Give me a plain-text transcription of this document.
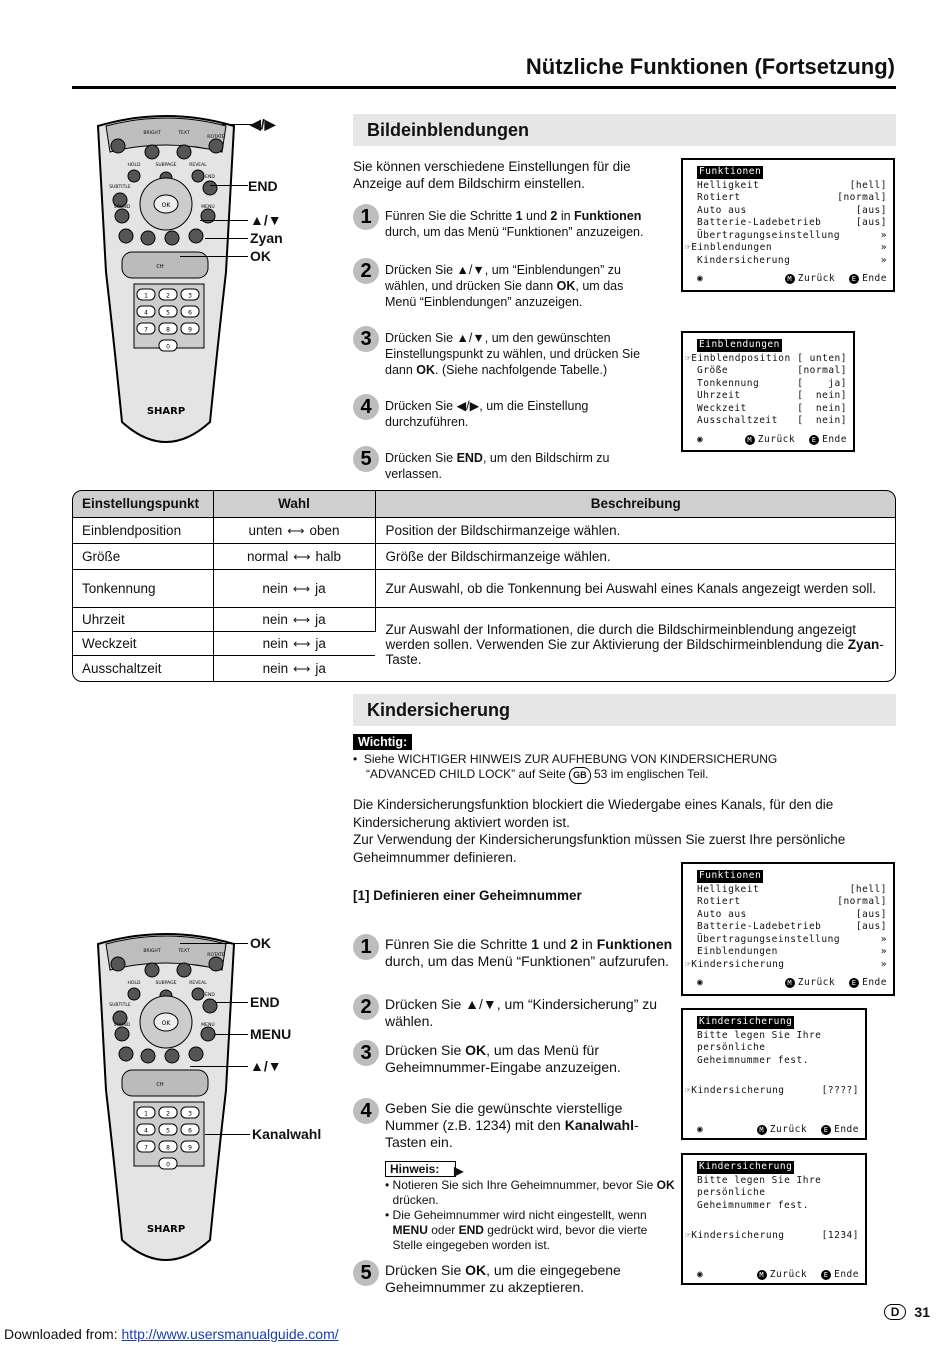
Nützliche Funktionen (Fortsetzung)
Bildeinblendungen
OK
BRIGHT	TEXT
ROTATE
HOLD	SUBPAGE	REVEAL
SUBTITLE
END
SOUND	MENU
CH
1	2	3
4	5	6
7	8	9
0
SHARP
◀/▶
END
▲/▼
Zyan
OK
Sie können verschiedene Einstellungen für die Anzeige auf dem Bildschirm einstellen.
1	Fünren Sie die Schritte 1 und 2 in Funktionen durch, um das Menü “Funktionen” anzuzeigen.
2	Drücken Sie ▲/▼, um “Einblendungen” zu wählen, und drücken Sie dann OK, um das Menü “Einblendungen” anzuzeigen.
3	Drücken Sie ▲/▼, um den gewünschten Einstellungspunkt zu wählen, und drücken Sie dann OK. (Siehe nachfolgende Tabelle.)
4	Drücken Sie ◀/▶, um die Einstellung durchzuführen.
5	Drücken Sie END, um den Bildschirm zu verlassen.
Funktionen
Helligkeit	[hell]
Rotiert	[normal]
Auto aus	[aus]
Batterie-Ladebetrieb	[aus]
Übertragungseinstellung	»
☞Einblendungen	»
Kindersicherung	»
◉	M Zurück	E Ende
Einblendungen
☞Einblendposition [ unten]
Größe	[normal]
Tonkennung	[    ja]
Uhrzeit	[  nein]
Weckzeit	[  nein]
Ausschaltzeit [  nein]
◉	M Zurück	E Ende
Einstellungspunkt	Wahl	Beschreibung
Einblendposition	unten ⟷ oben	Position der Bildschirmanzeige wählen.
Größe	normal ⟷ halb	Größe der Bildschirmanzeige wählen.
Tonkennung	nein ⟷ ja	Zur Auswahl, ob die Tonkennung bei Auswahl eines Kanals angezeigt werden soll.
Uhrzeit	nein ⟷ ja	Zur Auswahl der Informationen, die durch die Bildschirmeinblendung angezeigt werden sollen. Verwenden Sie zur Aktivierung der Bildschirmeinblendung die Zyan-Taste.
Weckzeit	nein ⟷ ja	
Ausschaltzeit	nein ⟷ ja	
Kindersicherung
Wichtig:
•  Siehe WICHTIGER HINWEIS ZUR AUFHEBUNG VON KINDERSICHERUNG
“ADVANCED CHILD LOCK” auf Seite GB 53 im englischen Teil.
Die Kindersicherungsfunktion blockiert die Wiedergabe eines Kanals, für den die Kindersicherung aktiviert worden ist.
Zur Verwendung der Kindersicherungsfunktion müssen Sie zuerst Ihre persönliche Geheimnummer definieren.
[1] Definieren einer Geheimnummer
OK
BRIGHT	TEXT
ROTATE
HOLD	SUBPAGE	REVEAL
SUBTITLE
END
SOUND	MENU
CH
1	2	3
4	5	6
7	8	9
0
SHARP
OK
END
MENU
▲/▼
Kanalwahl
1 Fünren Sie die Schritte 1 und 2 in Funktionen durch, um das Menü “Funktionen” aufzurufen.
2 Drücken Sie ▲/▼, um “Kindersicherung” zu wählen.
3 Drücken Sie OK, um das Menü für Geheimnummer-Eingabe anzuzeigen.
4 Geben Sie die gewünschte vierstellige Nummer (z.B. 1234) mit den Kanalwahl-Tasten ein.
Hinweis: ▶
• Notieren Sie sich Ihre Geheimnummer, bevor Sie OK drücken.
• Die Geheimnummer wird nicht eingestellt, wenn MENU oder END gedrückt wird, bevor die vierte Stelle eingegeben worden ist.
5 Drücken Sie OK, um die eingegebene Geheimnummer zu akzeptieren.
Funktionen
Helligkeit	[hell]
Rotiert	[normal]
Auto aus	[aus]
Batterie-Ladebetrieb	[aus]
Übertragungseinstellung	»
Einblendungen	»
☞Kindersicherung	»
◉	M Zurück	E Ende
Kindersicherung
Bitte legen Sie Ihre
persönliche
Geheimnummer fest.
☞Kindersicherung	[????]
◉	M Zurück	E Ende
Kindersicherung
Bitte legen Sie Ihre
persönliche
Geheimnummer fest.
☞Kindersicherung	[1234]
◉	M Zurück	E Ende
D	31
Downloaded from: http://www.usersmanualguide.com/
